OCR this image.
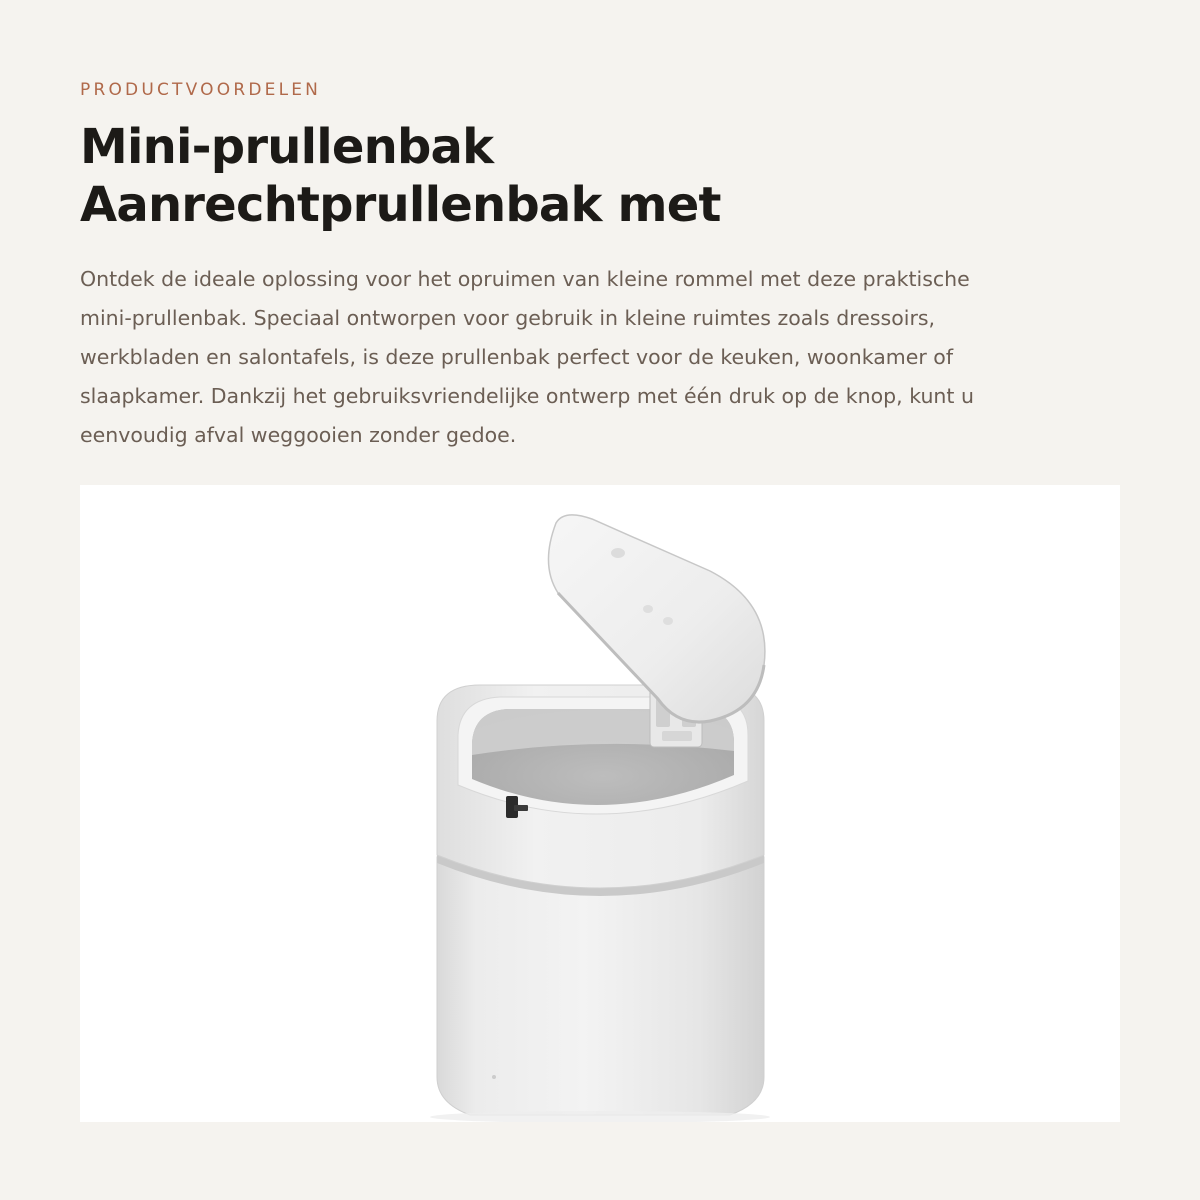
PRODUCTVOORDELEN
Mini-prullenbak
Aanrechtprullenbak met

Ontdek de ideale oplossing voor het opruimen van kleine rommel met deze praktische
mini-prullenbak. Speciaal ontworpen voor gebruik in kleine ruimtes zoals dressoirs,
werkbladen en salontafels, is deze prullenbak perfect voor de keuken, woonkamer of
slaapkamer. Dankzij het gebruiksvriendelijke ontwerp met één druk op de knop, kunt u
eenvoudig afval weggooien zonder gedoe.
